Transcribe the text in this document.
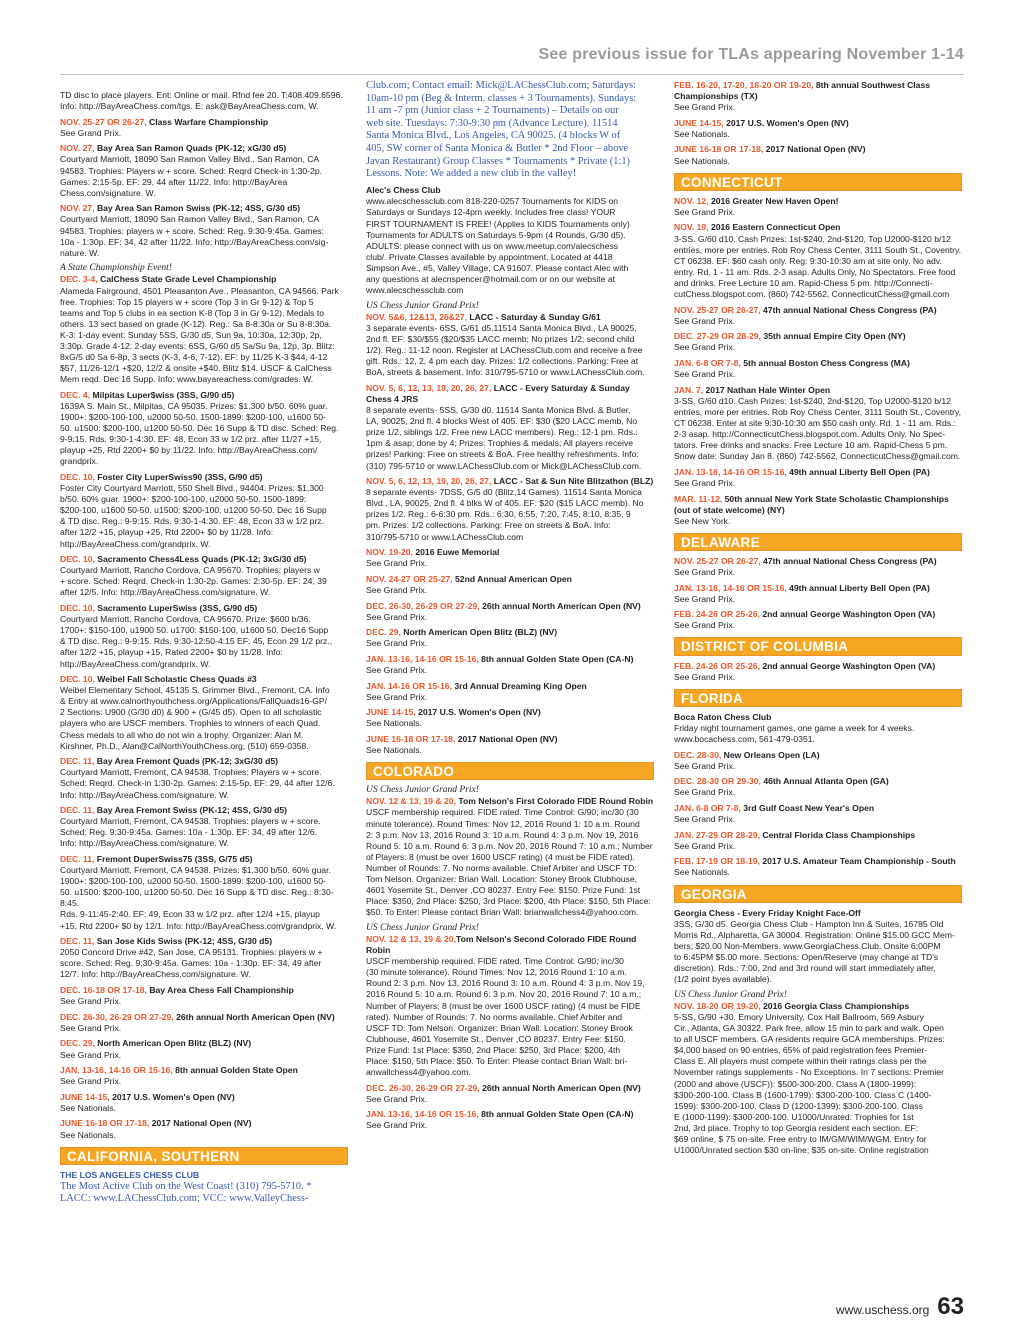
See previous issue for TLAs appearing November 1-14
TD disc to place players. Ent: Online or mail. Rfnd fee 20. T:408.409.6596.
Info: http://BayAreaChess.com/tgs. E: ask@BayAreaChess.com, W.
NOV. 25-27 OR 26-27, Class Warfare Championship
See Grand Prix.
NOV. 27, Bay Area San Ramon Quads (PK-12; xG/30 d5)
Courtyard Marriott, 18090 San Ramon Valley Blvd., San Ramon, CA
94583. Trophies: Players w + score. Sched: Reqrd Check-in 1:30-2p.
Games: 2:15-5p. EF: 29, 44 after 11/22. Info: http://BayArea
Chess.com/signature. W.
NOV. 27, Bay Area San Ramon Swiss (PK-12; 4SS, G/30 d5)
Courtyard Marriott, 18090 San Ramon Valley Blvd., San Ramon, CA
94583. Trophies: players w + score. Sched: Reg. 9:30-9:45a. Games:
10a - 1:30p. EF: 34, 42 after 11/22. Info: http://BayAreaChess.com/sig-
nature. W.
A State Championship Event!
DEC. 3-4, CalChess State Grade Level Championship
Alameda Fairground, 4501 Pleasanton Ave., Pleasanton, CA 94566. Park
free. Trophies: Top 15 players w + score (Top 3 in Gr 9-12) & Top 5
teams and Top 5 clubs in ea section K-8 (Top 3 in Gr 9-12). Medals to
others. 13 sect based on grade (K-12). Reg.: Sa 8-8:30a or Su 8-8:30a.
K-3: 1-day event: Sunday 5SS, G/30 d5, Sun 9a, 10:30a, 12:30p, 2p,
3:30p. Grade 4-12: 2-day events: 6SS, G/60 d5 Sa/Su 9a, 12p, 3p. Blitz:
8xG/5 d0 Sa 6-8p, 3 sects (K-3, 4-6, 7-12). EF: by 11/25 K-3 $44, 4-12
$57, 11/26-12/1 +$20, 12/2 & onsite +$40. Blitz $14. USCF & CalChess
Mem reqd. Dec 16 Supp. Info: www.bayareachess.com/grades. W.
DEC. 4, Milpitas Luper$wiss (3SS, G/90 d5)
1639A S. Main St., Milpitas, CA 95035. Prizes: $1,300 b/50. 60% guar.
1900+: $200-100-100, u2000 50-50. 1500-1899: $200-100, u1600 50-
50. u1500: $200-100, u1200 50-50. Dec 16 Supp & TD disc. Sched: Reg.
9-9:15. Rds. 9:30-1-4:30. EF: 48, Econ 33 w 1/2 prz. after 11/27 +15,
playup +25, Rtd 2200+ $0 by 11/22. Info: http://BayAreaChess.com/
grandprix.
DEC. 10, Foster City LuperSwiss90 (3SS, G/90 d5)
Foster City Courtyard Marriott, 550 Shell Blvd., 94404. Prizes: $1,300
b/50. 60% guar. 1900+: $200-100-100, u2000 50-50. 1500-1899:
$200-100, u1600 50-50. u1500: $200-100, u1200 50-50. Dec 16 Supp
& TD disc. Reg.: 9-9:15. Rds. 9:30-1-4:30. EF: 48, Econ 33 w 1/2 prz.
after 12/2 +15, playup +25, Rtd 2200+ $0 by 11/28. Info:
http://BayAreaChess.com/grandprix. W.
DEC. 10, Sacramento Chess4Less Quads (PK-12; 3xG/30 d5)
Courtyard Marriott, Rancho Cordova, CA 95670. Trophies: players w
+ score. Sched: Reqrd. Check-in 1:30-2p. Games: 2:30-5p. EF: 24, 39
after 12/5. Info: http://BayAreaChess.com/signature. W.
DEC. 10, Sacramento LuperSwiss (3SS, G/90 d5)
Courtyard Marriott, Rancho Cordova, CA 95670. Prize: $600 b/36.
1700+: $150-100, u1900 50. u1700: $150-100, u1600 50. Dec16 Supp
& TD disc. Reg.: 9-9:15. Rds. 9:30-12:50-4:15 EF: 45, Econ 29 1/2 prz.,
after 12/2 +15, playup +15, Rated 2200+ $0 by 11/28. Info:
http://BayAreaChess.com/grandprix. W.
DEC. 10, Weibel Fall Scholastic Chess Quads #3
Weibel Elementary School, 45135 S. Grimmer Blvd., Fremont, CA. Info
& Entry at www.calnorthyouthchess.org/Applications/FallQuads16-GP/
2 Sections: U900 (G/30 d0) & 900 + (G/45 d5). Open to all scholastic
players who are USCF members. Trophies to winners of each Quad.
Chess medals to all who do not win a trophy. Organizer: Alan M.
Kirshner, Ph.D., Alan@CalNorthYouthChess.org, (510) 659-0358.
DEC. 11, Bay Area Fremont Quads (PK-12; 3xG/30 d5)
Courtyard Marriott, Fremont, CA 94538. Trophies: Players w + score.
Sched: Reqrd. Check-in 1:30-2p. Games: 2:15-5p. EF: 29, 44 after 12/6.
Info: http://BayAreaChess.com/signature. W.
DEC. 11, Bay Area Fremont Swiss (PK-12; 4SS, G/30 d5)
Courtyard Marriott, Fremont, CA 94538. Trophies: players w + score.
Sched: Reg. 9:30-9:45a. Games: 10a - 1:30p. EF: 34, 49 after 12/6.
Info: http://BayAreaChess.com/signature. W.
DEC. 11, Fremont DuperSwiss75 (3SS, G/75 d5)
Courtyard Marriott, Fremont, CA 94538. Prizes: $1,300 b/50. 60% guar.
1900+: $200-100-100, u2000 50-50. 1500-1899: $200-100, u1600 50-
50. u1500: $200-100, u1200 50-50. Dec 16 Supp & TD disc. Reg.: 8:30-8:45.
Rds. 9-11:45-2:40. EF: 49, Econ 33 w 1/2 prz. after 12/4 +15, playup
+15, Rtd 2200+ $0 by 12/1. Info: http://BayAreaChess.com/grandprix. W.
DEC. 11, San Jose Kids Swiss (PK-12; 4SS, G/30 d5)
2050 Concord Drive #42, San Jose, CA 95131. Trophies: players w +
score. Sched: Reg. 9:30-9:45a. Games: 10a - 1:30p. EF: 34, 49 after
12/7. Info: http://BayAreaChess.com/signature. W.
DEC. 16-18 OR 17-18, Bay Area Chess Fall Championship
See Grand Prix.
DEC. 26-30, 26-29 OR 27-29, 26th annual North American Open (NV)
See Grand Prix.
DEC. 29, North American Open Blitz (BLZ) (NV)
See Grand Prix.
JAN. 13-16, 14-16 OR 15-16, 8th annual Golden State Open
See Grand Prix.
JUNE 14-15, 2017 U.S. Women's Open (NV)
See Nationals.
JUNE 16-18 OR 17-18, 2017 National Open (NV)
See Nationals.
CALIFORNIA, SOUTHERN
THE LOS ANGELES CHESS CLUB
The Most Active Club on the West Coast! (310) 795-5710. *
LACC: www.LAChessClub.com; VCC: www.ValleyChess-
Club.com; Contact email: Mick@LAChessClub.com; Saturdays:
10am-10 pm (Beg & Interm. classes + 3 Tournaments). Sundays:
11 am -7 pm (Junior class + 2 Tournaments) – Details on our
web site. Tuesdays: 7:30-9:30 pm (Advance Lecture). 11514
Santa Monica Blvd., Los Angeles, CA 90025. (4 blocks W of
405, SW corner of Santa Monica & Butler * 2nd Floor – above
Javan Restaurant) Group Classes * Tournaments * Private (1:1)
Lessons. Note: We added a new club in the valley!
Alec's Chess Club
www.alecschessclub.com 818-220-0257 Tournaments for KIDS on
Saturdays or Sundays 12-4pm weekly. Includes free class! YOUR
FIRST TOURNAMENT IS FREE! (Applies to KIDS Tournaments only)
Tournaments for ADULTS on Saturdays 5-9pm (4 Rounds, G/30 d5).
ADULTS: please connect with us on www.meetup.com/alecschess
club/. Private Classes available by appointment. Located at 4418
Simpson Ave., #5, Valley Village, CA 91607. Please contact Alec with
any questions at alecnspencer@hotmail.com or on our website at
www.alecschessclub.com
US Chess Junior Grand Prix!
NOV. 5&6, 12&13, 26&27, LACC - Saturday & Sunday G/61
3 separate events- 6SS, G/61 d5.11514 Santa Monica Blvd., LA 90025,
2nd fl. EF: $30/$55 ($20/$35 LACC memb; No prizes 1/2; second child
1/2). Reg.: 11-12 noon. Register at LAChessClub.com and receive a free
gift. Rds.: 12, 2, 4 pm each day. Prizes: 1/2 collections. Parking: Free at
BoA, streets & basement. Info: 310/795-5710 or www.LAChessClub.com.
NOV. 5, 6, 12, 13, 19, 20, 26, 27, LACC - Every Saturday & Sunday Chess 4 JRS
8 separate events- 5SS, G/30 d0. 11514 Santa Monica Blvd. & Butler,
LA, 90025, 2nd fl. 4 blocks West of 405. EF: $30 ($20 LACC memb, No
prize 1/2, siblings 1/2, Free new LACC members). Reg.: 12-1 pm. Rds.:
1pm & asap; done by 4; Prizes: Trophies & medals; All players receive
prizes! Parking: Free on streets & BoA. Free healthy refreshments. Info:
(310) 795-5710 or www.LAChessClub.com or Mick@LAChessClub.com.
NOV. 5, 6, 12, 13, 19, 20, 26, 27, LACC - Sat & Sun Nite Blitzathon (BLZ)
8 separate events- 7DSS, G/5 d0 (Blitz,14 Games). 11514 Santa Monica
Blvd., LA, 90025, 2nd fl. 4 blks W of 405. EF: $20 ($15 LACC memb). No
prizes 1/2. Reg.: 6-6:30 pm. Rds.: 6:30, 6:55, 7:20, 7:45, 8:10, 8:35, 9
pm. Prizes: 1/2 collections. Parking: Free on streets & BoA. Info:
310/795-5710 or www.LAChessClub.com
NOV. 19-20, 2016 Euwe Memorial
See Grand Prix.
NOV. 24-27 OR 25-27, 52nd Annual American Open
See Grand Prix.
DEC. 26-30, 26-29 OR 27-29, 26th annual North American Open (NV)
See Grand Prix.
DEC. 29, North American Open Blitz (BLZ) (NV)
See Grand Prix.
JAN. 13-16, 14-16 OR 15-16, 8th annual Golden State Open (CA-N)
See Grand Prix.
JAN. 14-16 OR 15-16, 3rd Annual Dreaming King Open
See Grand Prix.
JUNE 14-15, 2017 U.S. Women's Open (NV)
See Nationals.
JUNE 16-18 OR 17-18, 2017 National Open (NV)
See Nationals.
COLORADO
US Chess Junior Grand Prix!
NOV. 12 & 13, 19 & 20, Tom Nelson's First Colorado FIDE Round Robin
USCF membership required. FIDE rated. Time Control: G/90; inc/30 (30
minute tolerance). Round Times: Nov 12, 2016 Round 1: 10 a.m. Round
2: 3 p.m. Nov 13, 2016 Round 3: 10 a.m. Round 4: 3 p.m. Nov 19, 2016
Round 5: 10 a.m. Round 6: 3 p.m. Nov 20, 2016 Round 7: 10 a.m.; Number
of Players: 8 (must be over 1600 USCF rating) (4 must be FIDE rated).
Number of Rounds: 7. No norms available. Chief Arbiter and USCF TD:
Tom Nelson. Organizer: Brian Wall. Location: Stoney Brook Clubhouse,
4601 Yosemite St., Denver ,CO 80237. Entry Fee: $150. Prize Fund: 1st
Place: $350, 2nd Place: $250, 3rd Place: $200, 4th Place: $150, 5th Place:
$50. To Enter: Please contact Brian Wall: brianwallchess4@yahoo.com.
US Chess Junior Grand Prix!
NOV. 12 & 13, 19 & 20,Tom Nelson's Second Colorado FIDE Round Robin
USCF membership required. FIDE rated. Time Control: G/90; inc/30
(30 minute tolerance). Round Times: Nov 12, 2016 Round 1: 10 a.m.
Round 2: 3 p.m. Nov 13, 2016 Round 3: 10 a.m. Round 4: 3 p.m. Nov 19,
2016 Round 5: 10 a.m. Round 6: 3 p.m. Nov 20, 2016 Round 7: 10 a.m.;
Number of Players: 8 (must be over 1600 USCF rating) (4 must be FIDE
rated). Number of Rounds: 7. No norms available. Chief Arbiter and
USCF TD: Tom Nelson. Organizer: Brian Wall. Location: Stoney Brook
Clubhouse, 4601 Yosemite St., Denver ,CO 80237. Entry Fee: $150.
Prize Fund: 1st Place: $350, 2nd Place: $250, 3rd Place: $200, 4th
Place: $150, 5th Place: $50. To Enter: Please contact Brian Wall: bri-
anwallchess4@yahoo.com.
DEC. 26-30, 26-29 OR 27-29, 26th annual North American Open (NV)
See Grand Prix.
JAN. 13-16, 14-16 OR 15-16, 8th annual Golden State Open (CA-N)
See Grand Prix.
FEB. 16-20, 17-20, 18-20 OR 19-20, 8th annual Southwest Class Championships (TX)
See Grand Prix.
JUNE 14-15, 2017 U.S. Women's Open (NV)
See Nationals.
JUNE 16-18 OR 17-18, 2017 National Open (NV)
See Nationals.
CONNECTICUT
NOV. 12, 2016 Greater New Haven Open!
See Grand Prix.
NOV. 19, 2016 Eastern Connecticut Open
3-SS. G/60 d10. Cash Prizes: 1st-$240, 2nd-$120, Top U2000-$120 b/12
entries, more per entries. Rob Roy Chess Center, 3111 South St., Coventry,
CT 06238. EF: $60 cash only. Reg: 9:30-10:30 am at site only. No adv.
entry. Rd. 1 - 11 am. Rds. 2-3 asap. Adults Only, No Spectators. Free food
and drinks. Free Lecture 10 am. Rapid-Chess 5 pm. http://Connecti-
cutChess.blogspot.com. (860) 742-5562, ConnecticutChess@gmail.com
NOV. 25-27 OR 26-27, 47th annual National Chess Congress (PA)
See Grand Prix.
DEC. 27-29 OR 28-29, 35th annual Empire City Open (NY)
See Grand Prix.
JAN. 6-8 OR 7-8, 5th annual Boston Chess Congress (MA)
See Grand Prix.
JAN. 7, 2017 Nathan Hale Winter Open
3-SS. G/60 d10. Cash Prizes: 1st-$240, 2nd-$120, Top U2000-$120 b/12
entries, more per entries. Rob Roy Chess Center, 3111 South St., Coventry,
CT 06238. Enter at site 9:30-10:30 am $50 cash only. Rd. 1 - 11 am. Rds.:
2-3 asap. http://ConnecticutChess.blogspot.com. Adults Only. No Spec-
tators. Free drinks and snacks. Free Lecture 10 am. Rapid-Chess 5 pm.
Snow date: Sunday Jan 8. (860) 742-5562, ConnecticutChess@gmail.com.
JAN. 13-16, 14-16 OR 15-16, 49th annual Liberty Bell Open (PA)
See Grand Prix.
MAR. 11-12, 50th annual New York State Scholastic Championships (out of state welcome) (NY)
See New York.
DELAWARE
NOV. 25-27 OR 26-27, 47th annual National Chess Congress (PA)
See Grand Prix.
JAN. 13-16, 14-16 OR 15-16, 49th annual Liberty Bell Open (PA)
See Grand Prix.
FEB. 24-26 OR 25-26, 2nd annual George Washington Open (VA)
See Grand Prix.
DISTRICT OF COLUMBIA
FEB. 24-26 OR 25-26, 2nd annual George Washington Open (VA)
See Grand Prix.
FLORIDA
Boca Raton Chess Club
Friday night tournament games, one game a week for 4 weeks.
www.bocachess.com, 561-479-0351.
DEC. 28-30, New Orleans Open (LA)
See Grand Prix.
DEC. 28-30 OR 29-30, 46th Annual Atlanta Open (GA)
See Grand Prix.
JAN. 6-8 OR 7-8, 3rd Gulf Coast New Year's Open
See Grand Prix.
JAN. 27-29 OR 28-29, Central Florida Class Championships
See Grand Prix.
FEB. 17-19 OR 18-19, 2017 U.S. Amateur Team Championship - South
See Nationals.
GEORGIA
Georgia Chess - Every Friday Knight Face-Off
3SS, G/30 d5. Georgia Chess Club - Hampton Inn & Suites, 16785 Old
Morris Rd., Alpharetta, GA 30004. Registration: Online $15.00 GCC Mem-
bers; $20.00 Non-Members. www.GeorgiaChess.Club. Onsite 6:00PM
to 6:45PM $5.00 more. Sections: Open/Reserve (may change at TD's
discretion). Rds.: 7:00, 2nd and 3rd round will start immediately after,
(1/2 point byes available).
US Chess Junior Grand Prix!
NOV. 18-20 OR 19-20, 2016 Georgia Class Championships
5-SS, G/90 +30. Emory University, Cox Hall Ballroom, 569 Asbury
Cir., Atlanta, GA 30322. Park free, allow 15 min to park and walk. Open
to all USCF members. GA residents require GCA memberships. Prizes:
$4,000 based on 90 entries, 65% of paid registration fees Premier-
Class E. All players must compete within their ratings class per the
November ratings supplements - No Exceptions. In 7 sections: Premier
(2000 and above (USCF)): $500-300-200. Class A (1800-1999):
$300-200-100. Class B (1600-1799): $300-200-100. Class C (1400-
1599): $300-200-100. Class D (1200-1399): $300-200-100. Class
E (1000-1199): $300-200-100. U1000/Unrated: Trophies for 1st
2nd, 3rd place. Trophy to top Georgia resident each section. EF:
$69 online, $ 75 on-site. Free entry to IM/GM/WIM/WGM. Entry for
U1000/Unrated section $30 on-line; $35 on-site. Online registration
www.uschess.org 63
